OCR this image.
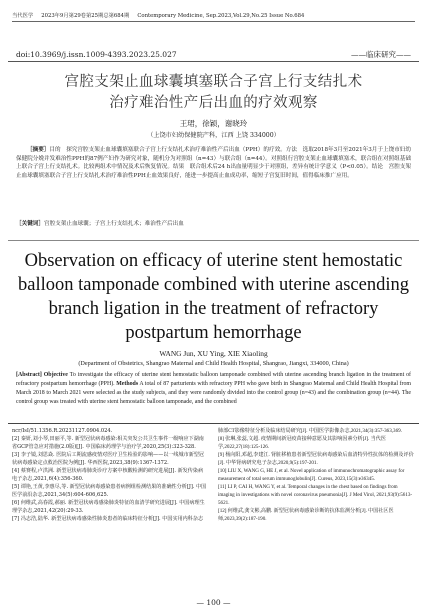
当代医学 2023年9月第29卷第25期总第684期 Contemporary Medicine, Sep.2023,Vol.29,No.25 Issue No.684
doi:10.3969/j.issn.1009-4393.2023.25.027	——临床研究——
宫腔支架止血球囊填塞联合子宫上行支结扎术
治疗难治性产后出血的疗效观察
王珺，徐颖，谢晓玲
（上饶市妇幼保健院产科，江西 上饶 334000）
［摘要］目的　探究宫腔支架止血球囊填塞联合子宫上行支结扎术治疗难治性产后出血（PPH）的疗效。方法　选取2018年3月至2021年3月于上饶市妇幼保健院分娩并发难治性PPH的87例产妇作为研究对象，随机分为对照组（n=43）与联合组（n=44）。对照组行宫腔支架止血球囊填塞术，联合组在对照组基础上联合子宫上行支结扎术。比较两组术中情况及术后恢复情况。结果　联合组术后24 h出血量明显少于对照组，差异有统计学意义（P<0.05）。结论　宫腔支架止血球囊填塞联合子宫上行支结扎术治疗难治性PPH止血效果良好，能进一步提高止血成功率，缩短子宫复旧时间，值得临床推广应用。
［关键词］宫腔支架止血球囊；子宫上行支结扎术；难治性产后出血
Observation on efficacy of uterine stent hemostatic
balloon tamponade combined with uterine ascending
branch ligation in the treatment of refractory
postpartum hemorrhage
WANG Jun, XU Ying, XIE Xiaoling
(Department of Obstetrics, Shangrao Maternal and Child Health Hospital, Shangrao, Jiangxi, 334000, China)
[Abstract] Objective To investigate the efficacy of uterine stent hemostatic balloon tamponade combined with uterine ascending branch ligation in the treatment of refractory postpartum hemorrhage (PPH). Methods A total of 87 parturients with refractory PPH who gave birth in Shangrao Maternal and Child Health Hospital from March 2018 to March 2021 were selected as the study subjects, and they were randomly divided into the control group (n=43) and the combination group (n=44). The control group was treated with uterine stent hemostatic balloon tamponade, and the combined

ncr/IsI/51.1356.R.20231127.0904.024.

[2] 秦妍,刘小琴,田丽平,等. 新型冠状病毒感染:相关突发公共卫生事件一级响应下湖南省GCP管急应对措施(2.0版)[J]. 中国临床药理学与治疗学,2020,25(3):323-328.

[3] 李子镜,刘思焱. 医院后工期流感疫情对医疗卫生检验的影响——以一线城市新型冠状病毒感染定点救治医院为例[J]. 华西医院,2023,38(9):1367-1372.

[4] 蔡赛程,卢洪洲. 新型冠状病毒肺炎诊疗方案中核酸检测的研究进展[J]. 新发传染病电子杂志,2021,6(4):356-360.

[5] 谭艳,王黄,李惠尽,等. 新型冠状病毒感染患者病例组检测结果的准确性分析[J]. 中国医学前沿杂志,2021,34(5):604-606,625.

[6] 何维武,高春霞,郝丽. 新型冠状病毒感染肺炎特征的血清学研究进展[J]. 中国病理生理学杂志,2021,42(20):29-33.

[7] 冯志浩,陆华. 新型冠状病毒感染性肺炎患者的临床特征分析[J]. 中国实用内科杂志

肺部CT影像特征分析及临床结局研究[J]. 中国医学影像杂志,2021,34(3):357-363,369.

[8] 张琳,张蕊,文超. 疫情期间新冠疫苗接种意愿及其影响因素分析[J]. 当代医学,2022,27(18):125-126.

[9] 杨向阳,邓超,李建江. 肾脏移植患者新型冠状病毒感染后血清特异性抗体的检测及评价[J]. 中华肾病研究电子杂志,2020,9(5):197-201.

[10] LIU X, WANG G, HE J, et al. Novel application of immunochromatographic assay for measurement of total serum immunoglobulin[J]. Cureus, 2023,15(3):e36345.

[11] LI P, CAI H, WANG Y, et al. Temporal changes in the chest based on findings from imaging in investigations with novel coronavirus pneumonia[J]. J Med Virol, 2021,93(9):5613-5621.

[12] 何维武,龚文彬,高鹏. 新型冠状病毒感染诊断的抗体监测分析[J]. 中国社区医师,2023,39(2):187-190.

— 100 —
